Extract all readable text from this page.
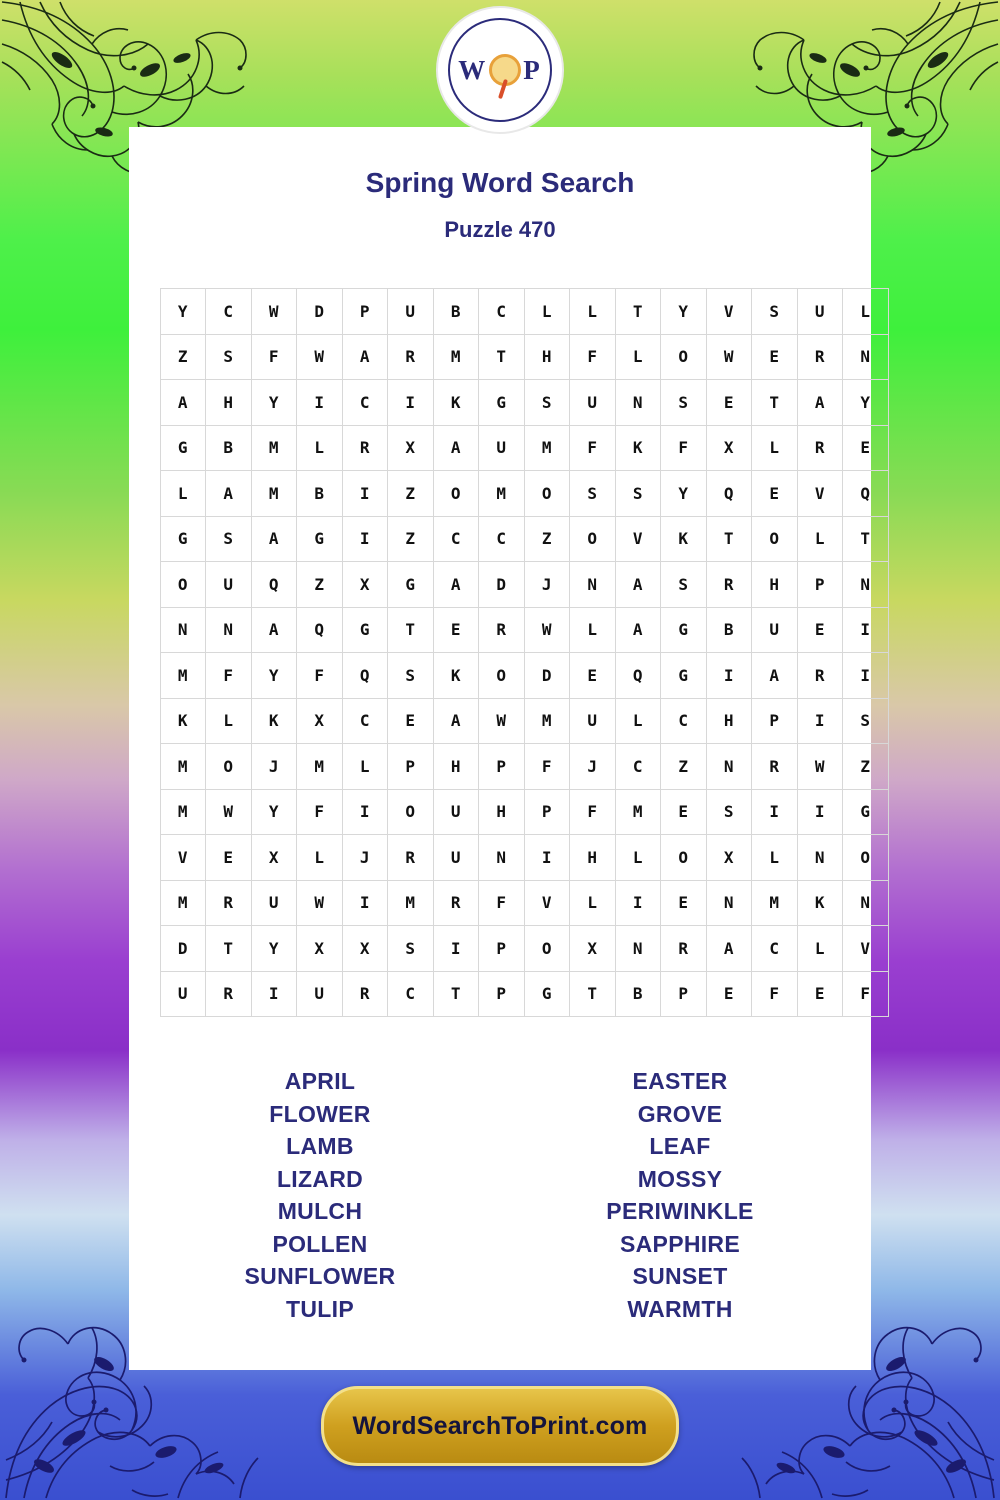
W P
Spring Word Search
Puzzle 470
Y	C	W	D	P	U	B	C	L	L	T	Y	V	S	U	L
Z	S	F	W	A	R	M	T	H	F	L	O	W	E	R	N
A	H	Y	I	C	I	K	G	S	U	N	S	E	T	A	Y
G	B	M	L	R	X	A	U	M	F	K	F	X	L	R	E
L	A	M	B	I	Z	O	M	O	S	S	Y	Q	E	V	Q
G	S	A	G	I	Z	C	C	Z	O	V	K	T	O	L	T
O	U	Q	Z	X	G	A	D	J	N	A	S	R	H	P	N
N	N	A	Q	G	T	E	R	W	L	A	G	B	U	E	I
M	F	Y	F	Q	S	K	O	D	E	Q	G	I	A	R	I
K	L	K	X	C	E	A	W	M	U	L	C	H	P	I	S
M	O	J	M	L	P	H	P	F	J	C	Z	N	R	W	Z
M	W	Y	F	I	O	U	H	P	F	M	E	S	I	I	G
V	E	X	L	J	R	U	N	I	H	L	O	X	L	N	O
M	R	U	W	I	M	R	F	V	L	I	E	N	M	K	N
D	T	Y	X	X	S	I	P	O	X	N	R	A	C	L	V
U	R	I	U	R	C	T	P	G	T	B	P	E	F	E	F
APRIL
FLOWER
LAMB
LIZARD
MULCH
POLLEN
SUNFLOWER
TULIP
EASTER
GROVE
LEAF
MOSSY
PERIWINKLE
SAPPHIRE
SUNSET
WARMTH
WordSearchToPrint.com
